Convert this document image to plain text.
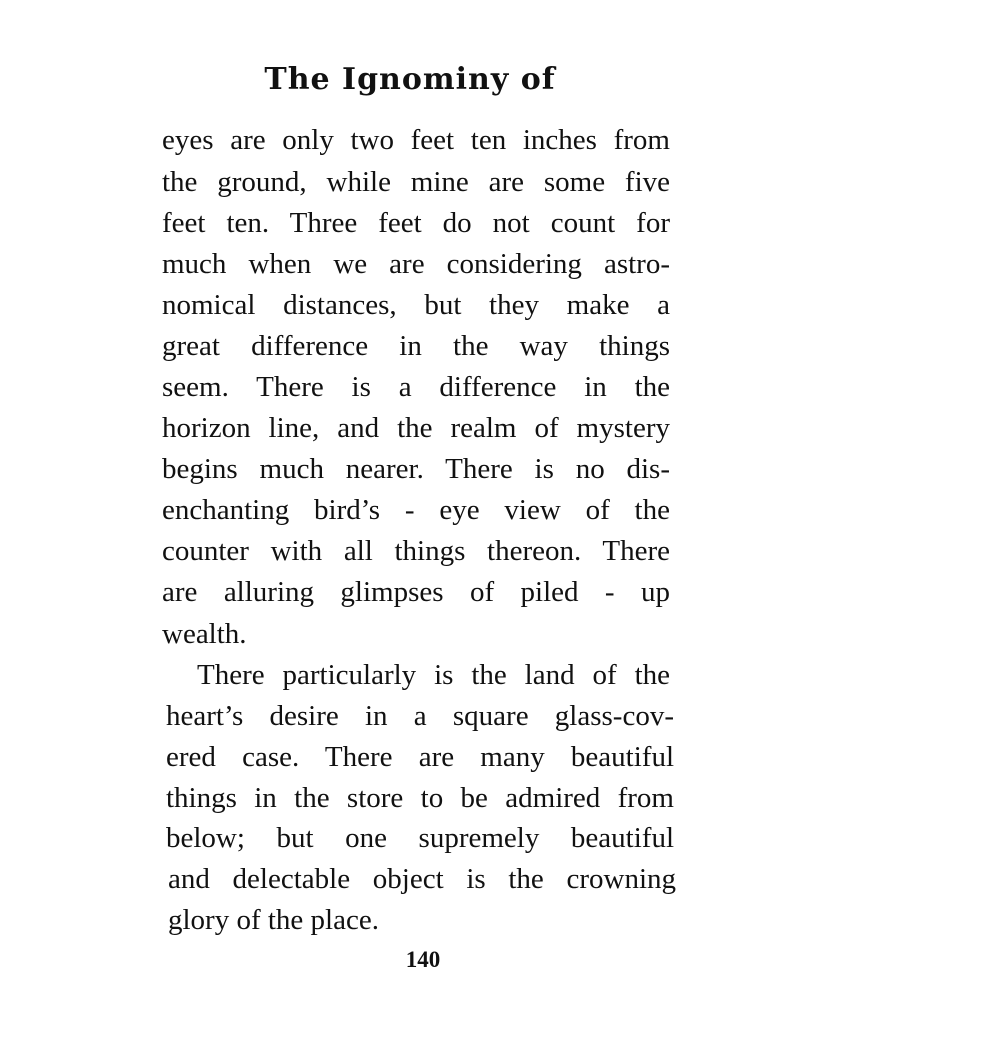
The Ignominy of
eyes are only two feet ten inches from
the ground, while mine are some five
feet ten. Three feet do not count for
much when we are considering astro-
nomical distances, but they make a
great difference in the way things
seem. There is a difference in the
horizon line, and the realm of mystery
begins much nearer. There is no dis-
enchanting bird’s - eye view of the
counter with all things thereon. There
are alluring glimpses of piled - up
wealth.
There particularly is the land of the
heart’s desire in a square glass-cov-
ered case. There are many beautiful
things in the store to be admired from
below; but one supremely beautiful
and delectable object is the crowning
glory of the place.
140
